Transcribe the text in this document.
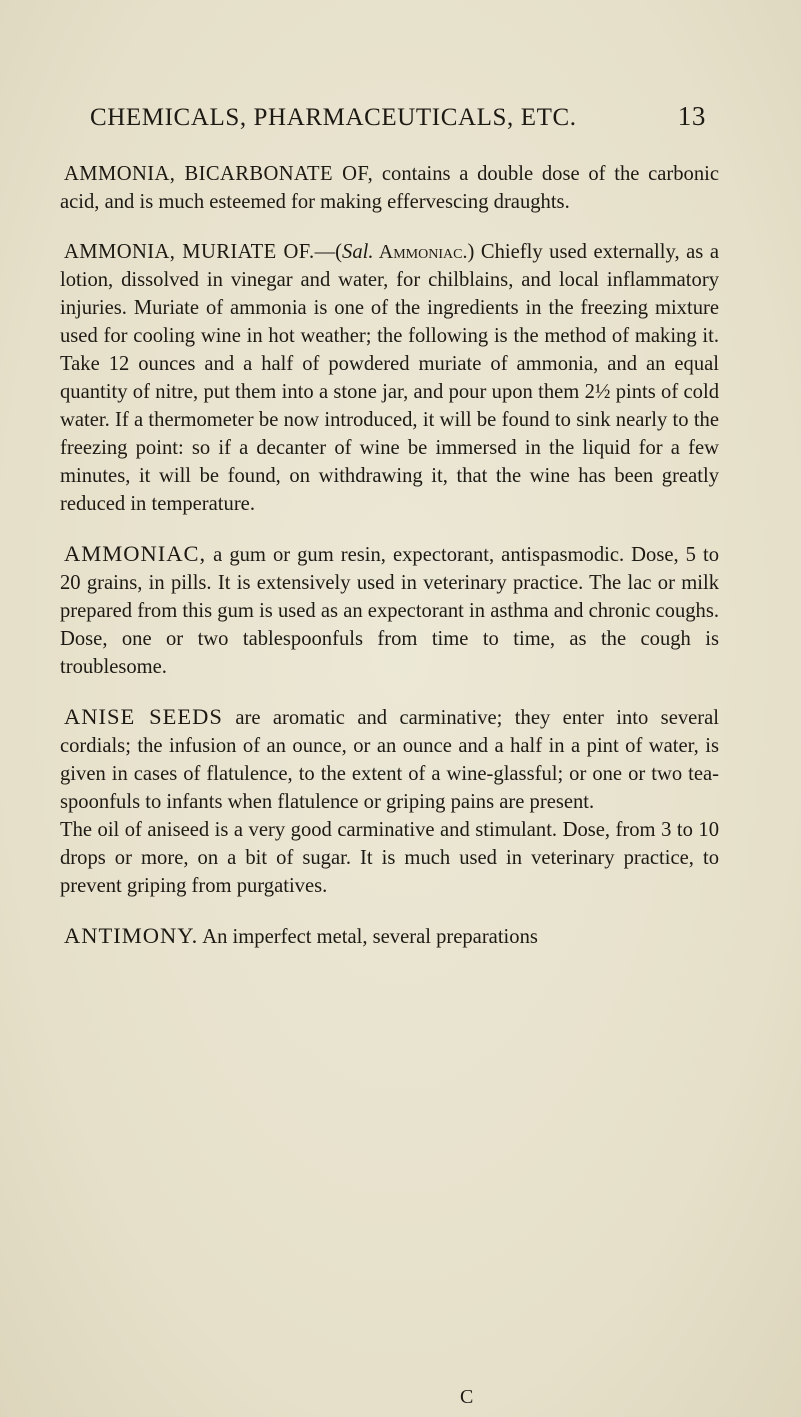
CHEMICALS, PHARMACEUTICALS, ETC.	13

AMMONIA, BICARBONATE OF, contains a double dose of the carbonic acid, and is much esteemed for making effervescing draughts.

AMMONIA, MURIATE OF.—(Sal. Ammoniac.) Chiefly used externally, as a lotion, dissolved in vinegar and water, for chilblains, and local inflammatory injuries. Muriate of ammonia is one of the ingredients in the freezing mixture used for cooling wine in hot weather; the following is the method of making it. Take 12 ounces and a half of powdered muriate of ammonia, and an equal quantity of nitre, put them into a stone jar, and pour upon them 2½ pints of cold water. If a thermometer be now introduced, it will be found to sink nearly to the freezing point: so if a decanter of wine be immersed in the liquid for a few minutes, it will be found, on withdrawing it, that the wine has been greatly reduced in temperature.

AMMONIAC, a gum or gum resin, expectorant, antispasmodic. Dose, 5 to 20 grains, in pills. It is extensively used in veterinary practice. The lac or milk prepared from this gum is used as an expectorant in asthma and chronic coughs. Dose, one or two tablespoonfuls from time to time, as the cough is troublesome.

ANISE SEEDS are aromatic and carminative; they enter into several cordials; the infusion of an ounce, or an ounce and a half in a pint of water, is given in cases of flatulence, to the extent of a wine-glassful; or one or two tea-spoonfuls to infants when flatulence or griping pains are present.

The oil of aniseed is a very good carminative and stimulant. Dose, from 3 to 10 drops or more, on a bit of sugar. It is much used in veterinary practice, to prevent griping from purgatives.

ANTIMONY. An imperfect metal, several preparations

C
